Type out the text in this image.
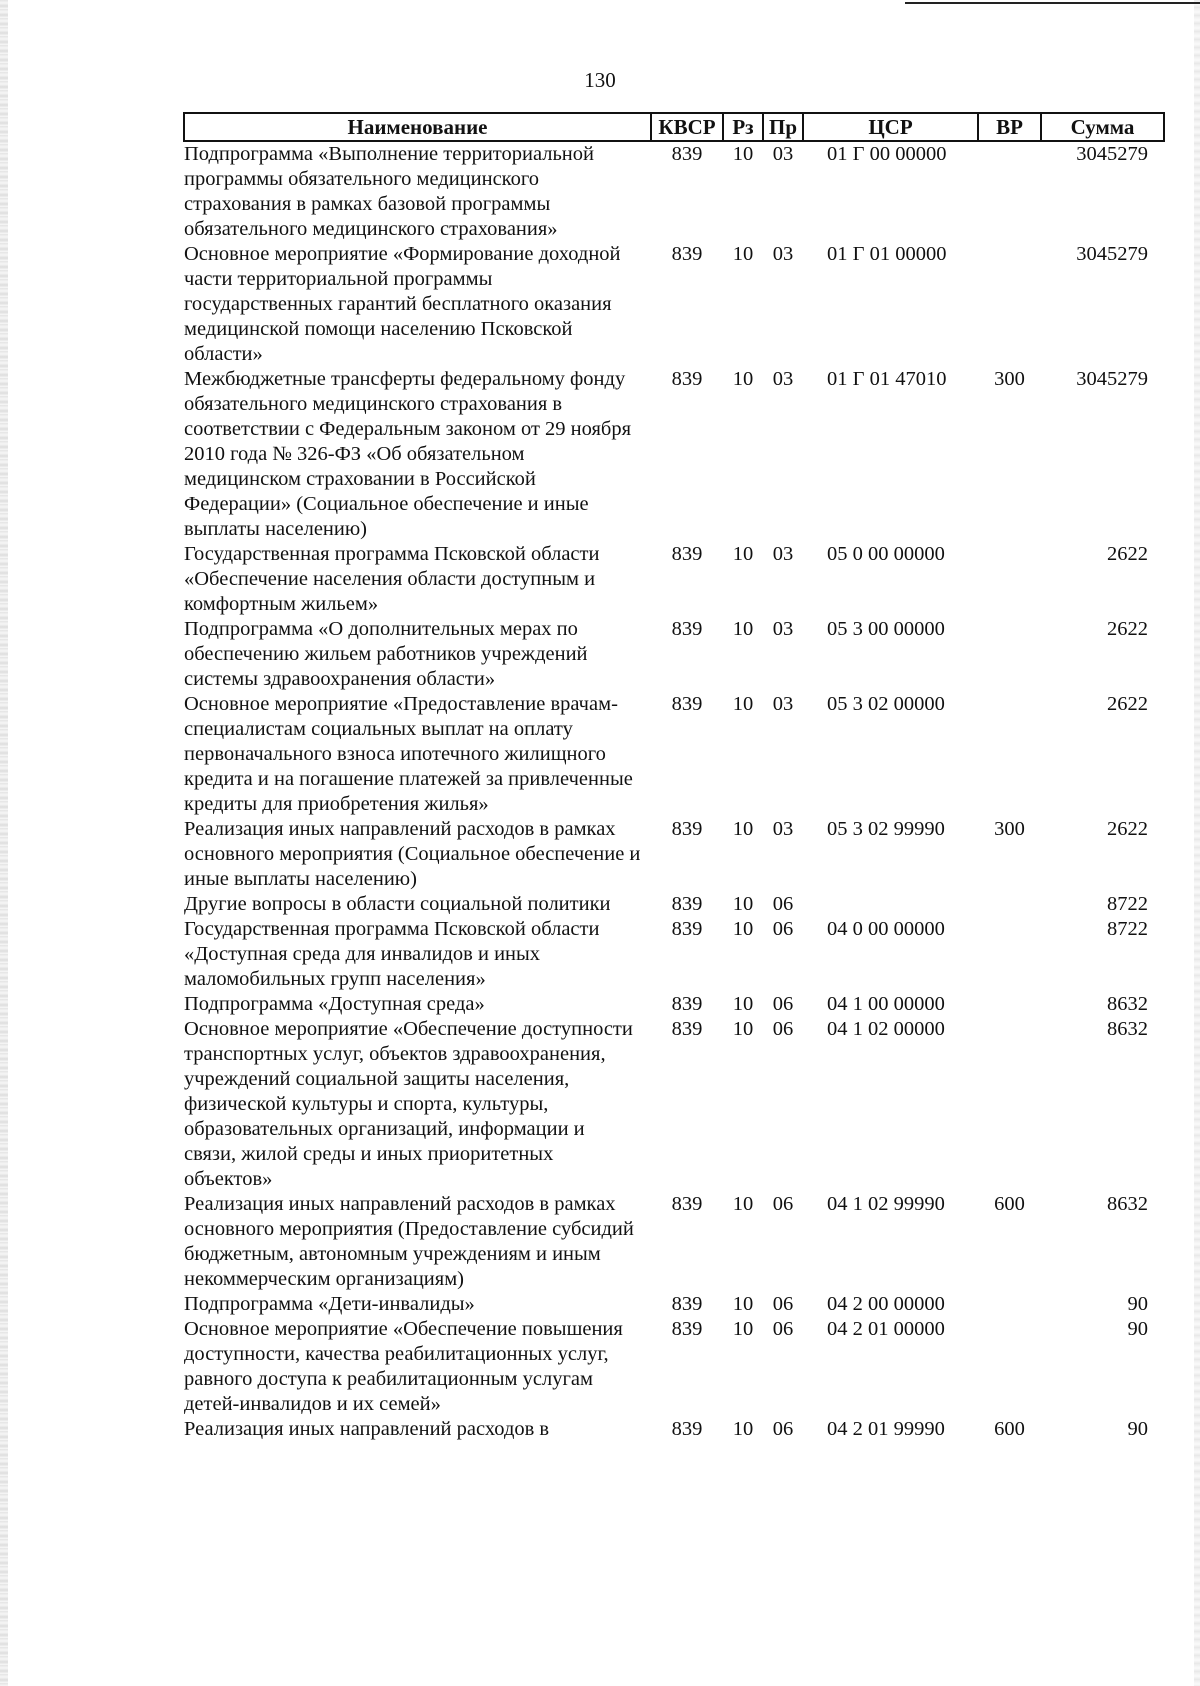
130
Наименование	КВСР	Рз	Пр	ЦСР	ВР	Сумма
Подпрограмма «Выполнение территориальной программы обязательного медицинского страхования в рамках базовой программы обязательного медицинского страхования»	839	10	03	01 Г 00 00000		3045279
Основное мероприятие «Формирование доходной части территориальной программы государственных гарантий бесплатного оказания медицинской помощи населению Псковской области»	839	10	03	01 Г 01 00000		3045279
Межбюджетные трансферты федеральному фонду обязательного медицинского страхования в соответствии с Федеральным законом от 29 ноября 2010 года № 326-ФЗ «Об обязательном медицинском страховании в Российской Федерации» (Социальное обеспечение и иные выплаты населению)	839	10	03	01 Г 01 47010	300	3045279
Государственная программа Псковской области «Обеспечение населения области доступным и комфортным жильем»	839	10	03	05 0 00 00000		2622
Подпрограмма «О дополнительных мерах по обеспечению жильем работников учреждений системы здравоохранения области»	839	10	03	05 3 00 00000		2622
Основное мероприятие «Предоставление врачам-специалистам социальных выплат на оплату первоначального взноса ипотечного жилищного кредита и на погашение платежей за привлеченные кредиты для приобретения жилья»	839	10	03	05 3 02 00000		2622
Реализация иных направлений расходов в рамках основного мероприятия (Социальное обеспечение и иные выплаты населению)	839	10	03	05 3 02 99990	300	2622
Другие вопросы в области социальной политики	839	10	06			8722
Государственная программа Псковской области «Доступная среда для инвалидов и иных маломобильных групп населения»	839	10	06	04 0 00 00000		8722
Подпрограмма «Доступная среда»	839	10	06	04 1 00 00000		8632
Основное мероприятие «Обеспечение доступности транспортных услуг, объектов здравоохранения, учреждений социальной защиты населения, физической культуры и спорта, культуры, образовательных организаций, информации и связи, жилой среды и иных приоритетных объектов»	839	10	06	04 1 02 00000		8632
Реализация иных направлений расходов в рамках основного мероприятия (Предоставление субсидий бюджетным, автономным учреждениям и иным некоммерческим организациям)	839	10	06	04 1 02 99990	600	8632
Подпрограмма «Дети-инвалиды»	839	10	06	04 2 00 00000		90
Основное мероприятие «Обеспечение повышения доступности, качества реабилитационных услуг, равного доступа к реабилитационным услугам детей-инвалидов и их семей»	839	10	06	04 2 01 00000		90
Реализация иных направлений расходов в	839	10	06	04 2 01 99990	600	90
